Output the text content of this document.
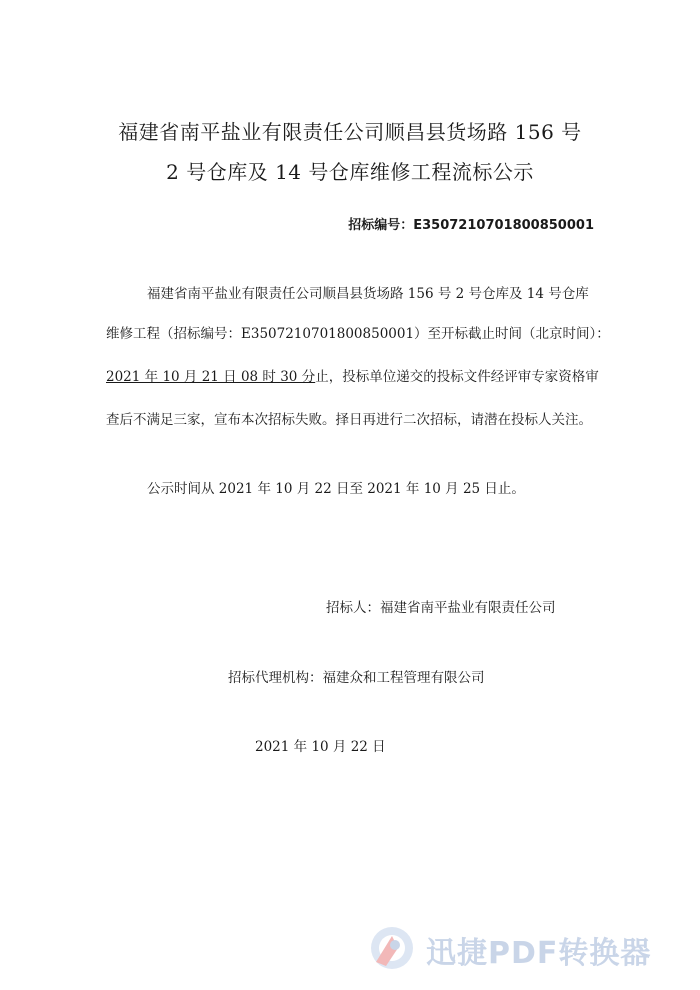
福建省南平盐业有限责任公司顺昌县货场路 156 号
2 号仓库及 14 号仓库维修工程流标公示
招标编号：E3507210701800850001
福建省南平盐业有限责任公司顺昌县货场路 156 号 2 号仓库及 14 号仓库
维修工程（招标编号：E3507210701800850001）至开标截止时间（北京时间）：
2021 年 10 月 21 日 08 时 30 分止，投标单位递交的投标文件经评审专家资格审
查后不满足三家，宣布本次招标失败。择日再进行二次招标，请潜在投标人关注。
公示时间从 2021 年 10 月 22 日至 2021 年 10 月 25 日止。
招标人：福建省南平盐业有限责任公司
招标代理机构：福建众和工程管理有限公司
2021 年 10 月 22 日
迅捷PDF转换器
